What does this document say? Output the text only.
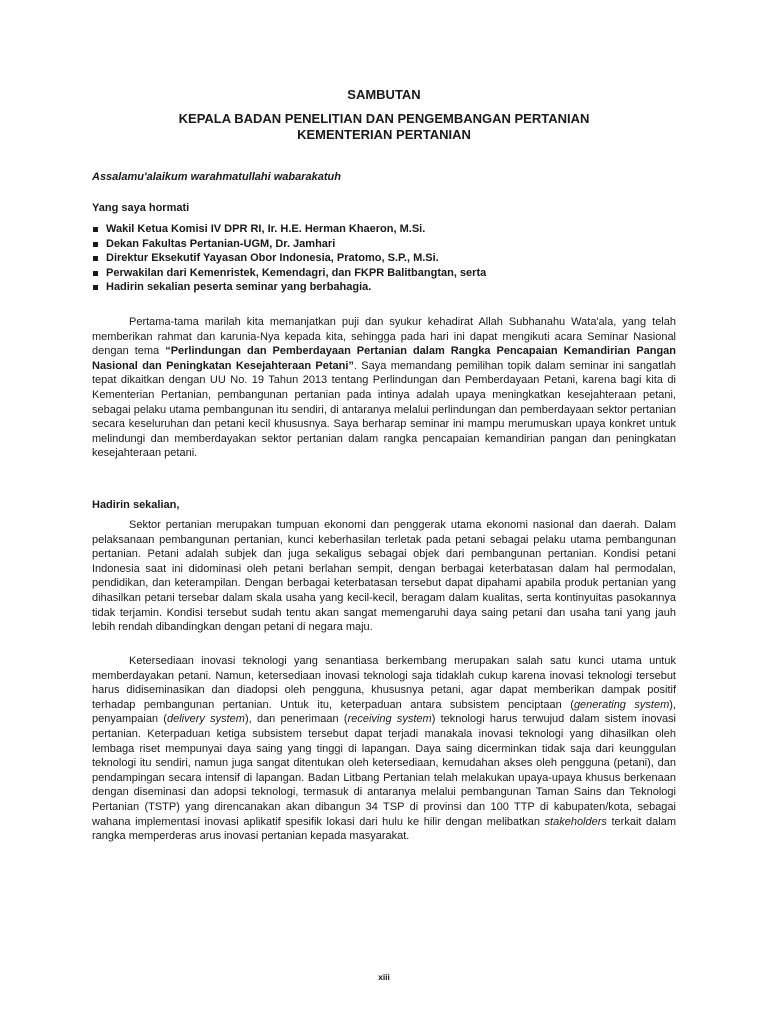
SAMBUTAN
KEPALA BADAN PENELITIAN DAN PENGEMBANGAN PERTANIAN
KEMENTERIAN PERTANIAN

Assalamu'alaikum warahmatullahi wabarakatuh

Yang saya hormati

Wakil Ketua Komisi IV DPR RI, Ir. H.E. Herman Khaeron, M.Si.
Dekan Fakultas Pertanian-UGM, Dr. Jamhari
Direktur Eksekutif Yayasan Obor Indonesia, Pratomo, S.P., M.Si.
Perwakilan dari Kemenristek, Kemendagri, dan FKPR Balitbangtan, serta
Hadirin sekalian peserta seminar yang berbahagia.

Pertama-tama marilah kita memanjatkan puji dan syukur kehadirat Allah Subhanahu Wata'ala, yang telah memberikan rahmat dan karunia-Nya kepada kita, sehingga pada hari ini dapat mengikuti acara Seminar Nasional dengan tema “Perlindungan dan Pemberdayaan Pertanian dalam Rangka Pencapaian Kemandirian Pangan Nasional dan Peningkatan Kesejahteraan Petani”. Saya memandang pemilihan topik dalam seminar ini sangatlah tepat dikaitkan dengan UU No. 19 Tahun 2013 tentang Perlindungan dan Pemberdayaan Petani, karena bagi kita di Kementerian Pertanian, pembangunan pertanian pada intinya adalah upaya meningkatkan kesejahteraan petani, sebagai pelaku utama pembangunan itu sendiri, di antaranya melalui perlindungan dan pemberdayaan sektor pertanian secara keseluruhan dan petani kecil khususnya. Saya berharap seminar ini mampu merumuskan upaya konkret untuk melindungi dan memberdayakan sektor pertanian dalam rangka pencapaian kemandirian pangan dan peningkatan kesejahteraan petani.

Hadirin sekalian,

Sektor pertanian merupakan tumpuan ekonomi dan penggerak utama ekonomi nasional dan daerah. Dalam pelaksanaan pembangunan pertanian, kunci keberhasilan terletak pada petani sebagai pelaku utama pembangunan pertanian. Petani adalah subjek dan juga sekaligus sebagai objek dari pembangunan pertanian. Kondisi petani Indonesia saat ini didominasi oleh petani berlahan sempit, dengan berbagai keterbatasan dalam hal permodalan, pendidikan, dan keterampilan. Dengan berbagai keterbatasan tersebut dapat dipahami apabila produk pertanian yang dihasilkan petani tersebar dalam skala usaha yang kecil-kecil, beragam dalam kualitas, serta kontinyuitas pasokannya tidak terjamin. Kondisi tersebut sudah tentu akan sangat memengaruhi daya saing petani dan usaha tani yang jauh lebih rendah dibandingkan dengan petani di negara maju.

Ketersediaan inovasi teknologi yang senantiasa berkembang merupakan salah satu kunci utama untuk memberdayakan petani. Namun, ketersediaan inovasi teknologi saja tidaklah cukup karena inovasi teknologi tersebut harus didiseminasikan dan diadopsi oleh pengguna, khususnya petani, agar dapat memberikan dampak positif terhadap pembangunan pertanian. Untuk itu, keterpaduan antara subsistem penciptaan (generating system), penyampaian (delivery system), dan penerimaan (receiving system) teknologi harus terwujud dalam sistem inovasi pertanian. Keterpaduan ketiga subsistem tersebut dapat terjadi manakala inovasi teknologi yang dihasilkan oleh lembaga riset mempunyai daya saing yang tinggi di lapangan. Daya saing dicerminkan tidak saja dari keunggulan teknologi itu sendiri, namun juga sangat ditentukan oleh ketersediaan, kemudahan akses oleh pengguna (petani), dan pendampingan secara intensif di lapangan. Badan Litbang Pertanian telah melakukan upaya-upaya khusus berkenaan dengan diseminasi dan adopsi teknologi, termasuk di antaranya melalui pembangunan Taman Sains dan Teknologi Pertanian (TSTP) yang direncanakan akan dibangun 34 TSP di provinsi dan 100 TTP di kabupaten/kota, sebagai wahana implementasi inovasi aplikatif spesifik lokasi dari hulu ke hilir dengan melibatkan stakeholders terkait dalam rangka memperderas arus inovasi pertanian kepada masyarakat.

xiii
